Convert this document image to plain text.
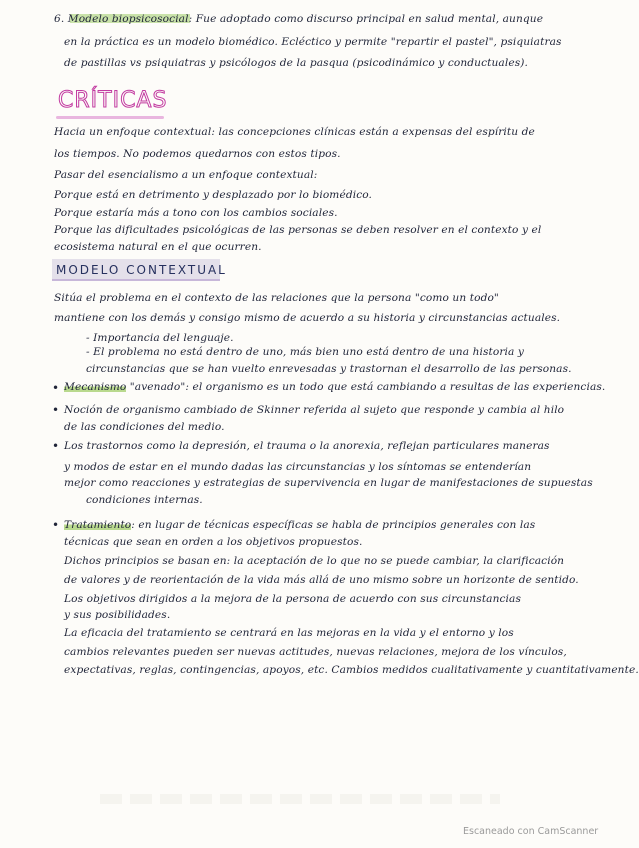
6. Modelo biopsicosocial: Fue adoptado como discurso principal en salud mental, aunque
en la práctica es un modelo biomédico. Ecléctico y permite "repartir el pastel", psiquiatras
de pastillas vs psiquiatras y psicólogos de la pasqua (psicodinámico y conductuales).
CRÍTICAS
Hacia un enfoque contextual: las concepciones clínicas están a expensas del espíritu de
los tiempos. No podemos quedarnos con estos tipos.
Pasar del esencialismo a un enfoque contextual:
Porque está en detrimento y desplazado por lo biomédico.
Porque estaría más a tono con los cambios sociales.
Porque las dificultades psicológicas de las personas se deben resolver en el contexto y el
ecosistema natural en el que ocurren.
MODELO CONTEXTUAL
Sitúa el problema en el contexto de las relaciones que la persona "como un todo"
mantiene con los demás y consigo mismo de acuerdo a su historia y circunstancias actuales.
- Importancia del lenguaje.
- El problema no está dentro de uno, más bien uno está dentro de una historia y
circunstancias que se han vuelto enrevesadas y trastornan el desarrollo de las personas.
• Mecanismo "avenado": el organismo es un todo que está cambiando a resultas de las experiencias.
• Noción de organismo cambiado de Skinner referida al sujeto que responde y cambia al hilo
de las condiciones del medio.
• Los trastornos como la depresión, el trauma o la anorexia, reflejan particulares maneras
y modos de estar en el mundo dadas las circunstancias y los síntomas se entenderían
mejor como reacciones y estrategias de supervivencia en lugar de manifestaciones de supuestas
condiciones internas.
• Tratamiento: en lugar de técnicas específicas se habla de principios generales con las
técnicas que sean en orden a los objetivos propuestos.
Dichos principios se basan en: la aceptación de lo que no se puede cambiar, la clarificación
de valores y de reorientación de la vida más allá de uno mismo sobre un horizonte de sentido.
Los objetivos dirigidos a la mejora de la persona de acuerdo con sus circunstancias
y sus posibilidades.
La eficacia del tratamiento se centrará en las mejoras en la vida y el entorno y los
cambios relevantes pueden ser nuevas actitudes, nuevas relaciones, mejora de los vínculos,
expectativas, reglas, contingencias, apoyos, etc. Cambios medidos cualitativamente y cuantitativamente.
Escaneado con CamScanner
